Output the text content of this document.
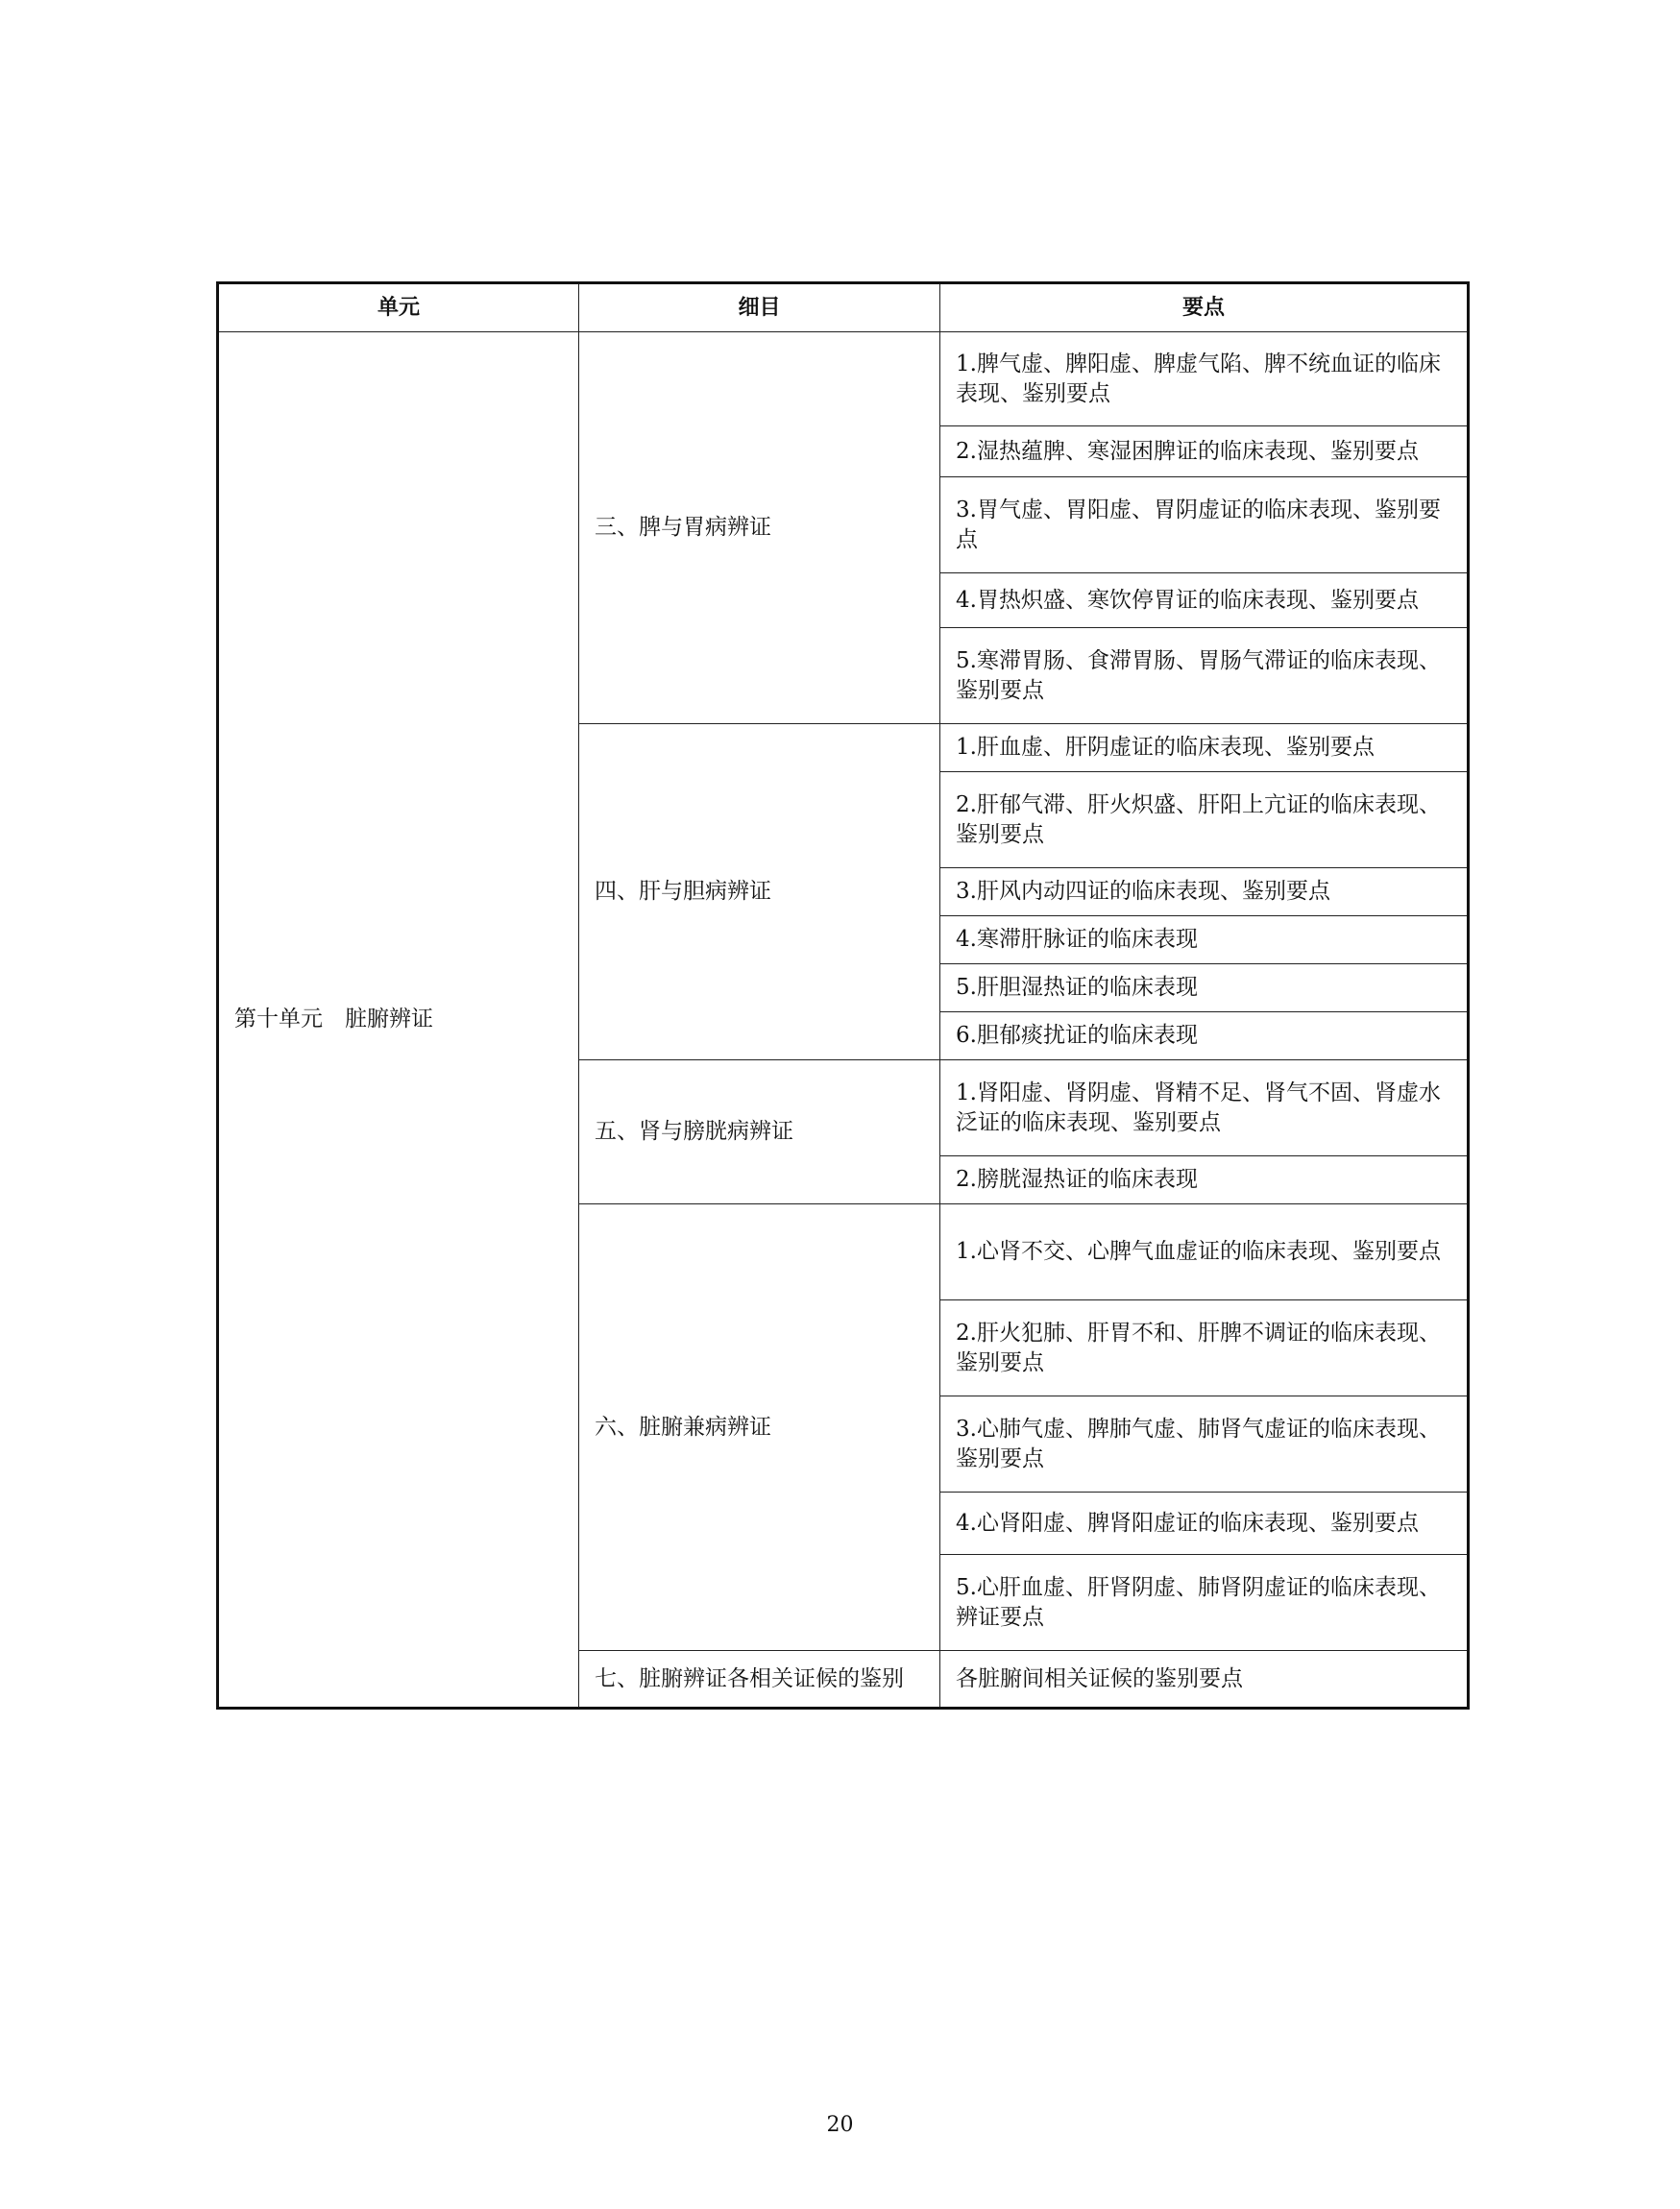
单元	细目	要点
第十单元　脏腑辨证	三、脾与胃病辨证	1.脾气虚、脾阳虚、脾虚气陷、脾不统血证的临床表现、鉴别要点
		2.湿热蕴脾、寒湿困脾证的临床表现、鉴别要点
		3.胃气虚、胃阳虚、胃阴虚证的临床表现、鉴别要点
		4.胃热炽盛、寒饮停胃证的临床表现、鉴别要点
		5.寒滞胃肠、食滞胃肠、胃肠气滞证的临床表现、鉴别要点
	四、肝与胆病辨证	1.肝血虚、肝阴虚证的临床表现、鉴别要点
		2.肝郁气滞、肝火炽盛、肝阳上亢证的临床表现、鉴别要点
		3.肝风内动四证的临床表现、鉴别要点
		4.寒滞肝脉证的临床表现
		5.肝胆湿热证的临床表现
		6.胆郁痰扰证的临床表现
	五、肾与膀胱病辨证	1.肾阳虚、肾阴虚、肾精不足、肾气不固、肾虚水泛证的临床表现、鉴别要点
		2.膀胱湿热证的临床表现
	六、脏腑兼病辨证	1.心肾不交、心脾气血虚证的临床表现、鉴别要点
		2.肝火犯肺、肝胃不和、肝脾不调证的临床表现、鉴别要点
		3.心肺气虚、脾肺气虚、肺肾气虚证的临床表现、鉴别要点
		4.心肾阳虚、脾肾阳虚证的临床表现、鉴别要点
		5.心肝血虚、肝肾阴虚、肺肾阴虚证的临床表现、辨证要点
	七、脏腑辨证各相关证候的鉴别	各脏腑间相关证候的鉴别要点
20
